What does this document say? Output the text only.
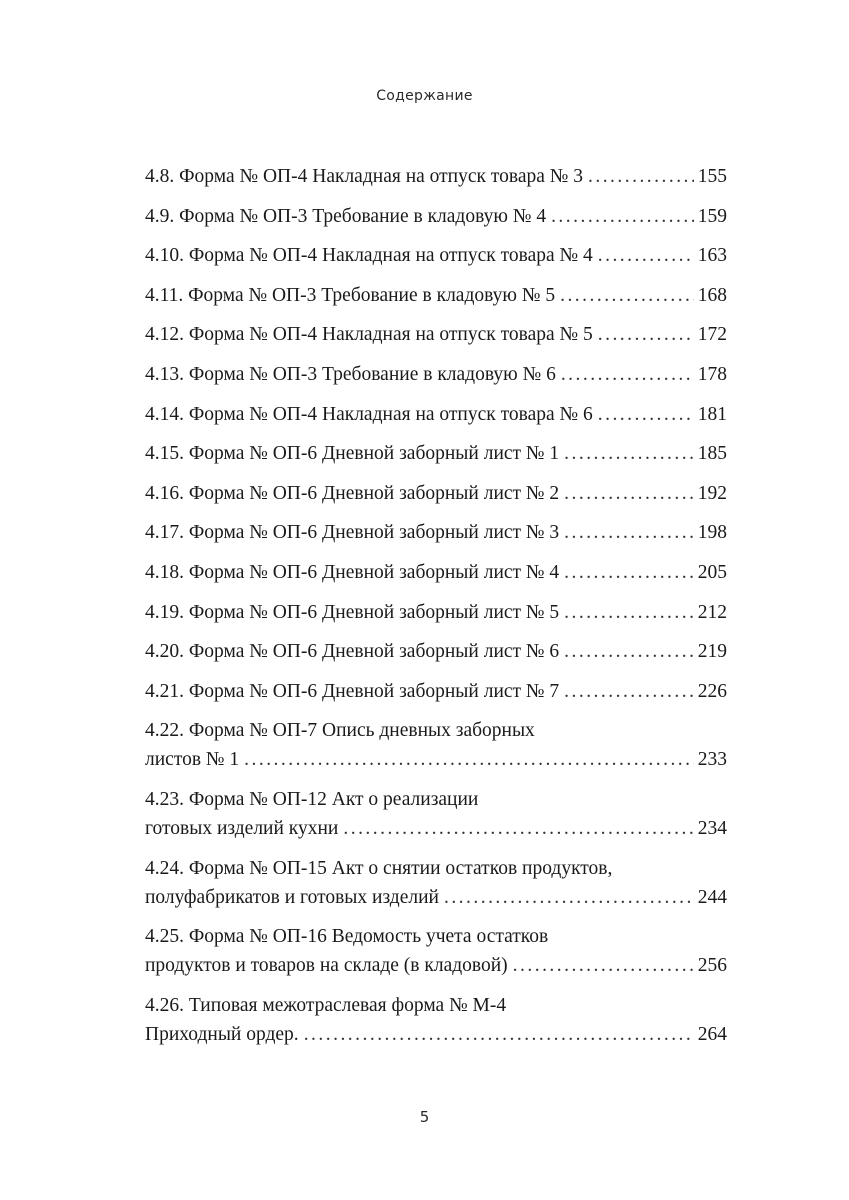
Содержание
4.8. Форма № ОП-4 Накладная на отпуск товара № 3 . . .	155
4.9. Форма № ОП-3 Требование в кладовую № 4 . . .	159
4.10. Форма № ОП-4 Накладная на отпуск товара № 4 . . .	163
4.11. Форма № ОП-3 Требование в кладовую № 5 . . .	168
4.12. Форма № ОП-4 Накладная на отпуск товара № 5 . . .	172
4.13. Форма № ОП-3 Требование в кладовую № 6 . . .	178
4.14. Форма № ОП-4 Накладная на отпуск товара № 6 . . .	181
4.15. Форма № ОП-6 Дневной заборный лист № 1 . . .	185
4.16. Форма № ОП-6 Дневной заборный лист № 2 . . .	192
4.17. Форма № ОП-6 Дневной заборный лист № 3 . . .	198
4.18. Форма № ОП-6 Дневной заборный лист № 4 . . .	205
4.19. Форма № ОП-6 Дневной заборный лист № 5 . . .	212
4.20. Форма № ОП-6 Дневной заборный лист № 6 . . .	219
4.21. Форма № ОП-6 Дневной заборный лист № 7 . . .	226
4.22. Форма № ОП-7 Опись дневных заборных
листов № 1 . . .	233
4.23. Форма № ОП-12 Акт о реализации
готовых изделий кухни . . .	234
4.24. Форма № ОП-15 Акт о снятии остатков продуктов,
полуфабрикатов и готовых изделий . . .	244
4.25. Форма № ОП-16 Ведомость учета остатков
продуктов и товаров на складе (в кладовой) . . .	256
4.26. Типовая межотраслевая форма № М-4
Приходный ордер. . . .	264
5
